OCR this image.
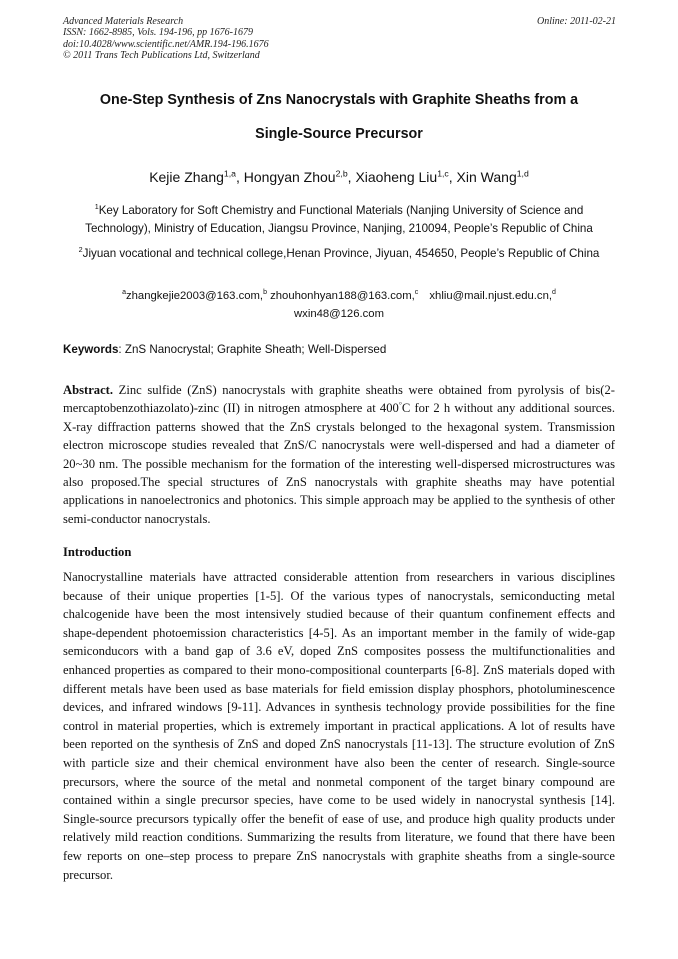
Advanced Materials Research
ISSN: 1662-8985, Vols. 194-196, pp 1676-1679
doi:10.4028/www.scientific.net/AMR.194-196.1676
© 2011 Trans Tech Publications Ltd, Switzerland
Online: 2011-02-21
One-Step Synthesis of Zns Nanocrystals with Graphite Sheaths from a
Single-Source Precursor
Kejie Zhang$^{1,a}$, Hongyan Zhou$^{2,b}$, Xiaoheng Liu$^{1,c}$, Xin Wang$^{1,d}$
$^1$Key Laboratory for Soft Chemistry and Functional Materials (Nanjing University of Science and Technology), Ministry of Education, Jiangsu Province, Nanjing, 210094, People’s Republic of China
$^2$Jiyuan vocational and technical college,Henan Province, Jiyuan, 454650, People’s Republic of China
$^a$zhangkejie2003@163.com,$^b$ zhouhonhyan188@163.com,$^c$ xhliu@mail.njust.edu.cn,$^d$
wxin48@126.com
Keywords: ZnS Nanocrystal; Graphite Sheath; Well-Dispersed

Abstract. Zinc sulfide (ZnS) nanocrystals with graphite sheaths were obtained from pyrolysis of bis(2-mercaptobenzothiazolato)-zinc (II) in nitrogen atmosphere at 400°C for 2 h without any additional sources. X-ray diffraction patterns showed that the ZnS crystals belonged to the hexagonal system. Transmission electron microscope studies revealed that ZnS/C nanocrystals were well-dispersed and had a diameter of 20~30 nm. The possible mechanism for the formation of the interesting well-dispersed microstructures was also proposed.The special structures of ZnS nanocrystals with graphite sheaths may have potential applications in nanoelectronics and photonics. This simple approach may be applied to the synthesis of other semi-conductor nanocrystals.

Introduction

Nanocrystalline materials have attracted considerable attention from researchers in various disciplines because of their unique properties [1-5]. Of the various types of nanocrystals, semiconducting metal chalcogenide have been the most intensively studied because of their quantum confinement effects and shape-dependent photoemission characteristics [4-5]. As an important member in the family of wide-gap semiconducors with a band gap of 3.6 eV, doped ZnS composites possess the multifunctionalities and enhanced properties as compared to their mono-compositional counterparts [6-8]. ZnS materials doped with different metals have been used as base materials for field emission display phosphors, photoluminescence devices, and infrared windows [9-11]. Advances in synthesis technology provide possibilities for the fine control in material properties, which is extremely important in practical applications. A lot of results have been reported on the synthesis of ZnS and doped ZnS nanocrystals [11-13]. The structure evolution of ZnS with particle size and their chemical environment have also been the center of research. Single-source precursors, where the source of the metal and nonmetal component of the target binary compound are contained within a single precursor species, have come to be used widely in nanocrystal synthesis [14]. Single-source precursors typically offer the benefit of ease of use, and produce high quality products under relatively mild reaction conditions. Summarizing the results from literature, we found that there have been few reports on one–step process to prepare ZnS nanocrystals with graphite sheaths from a single-source precursor.
